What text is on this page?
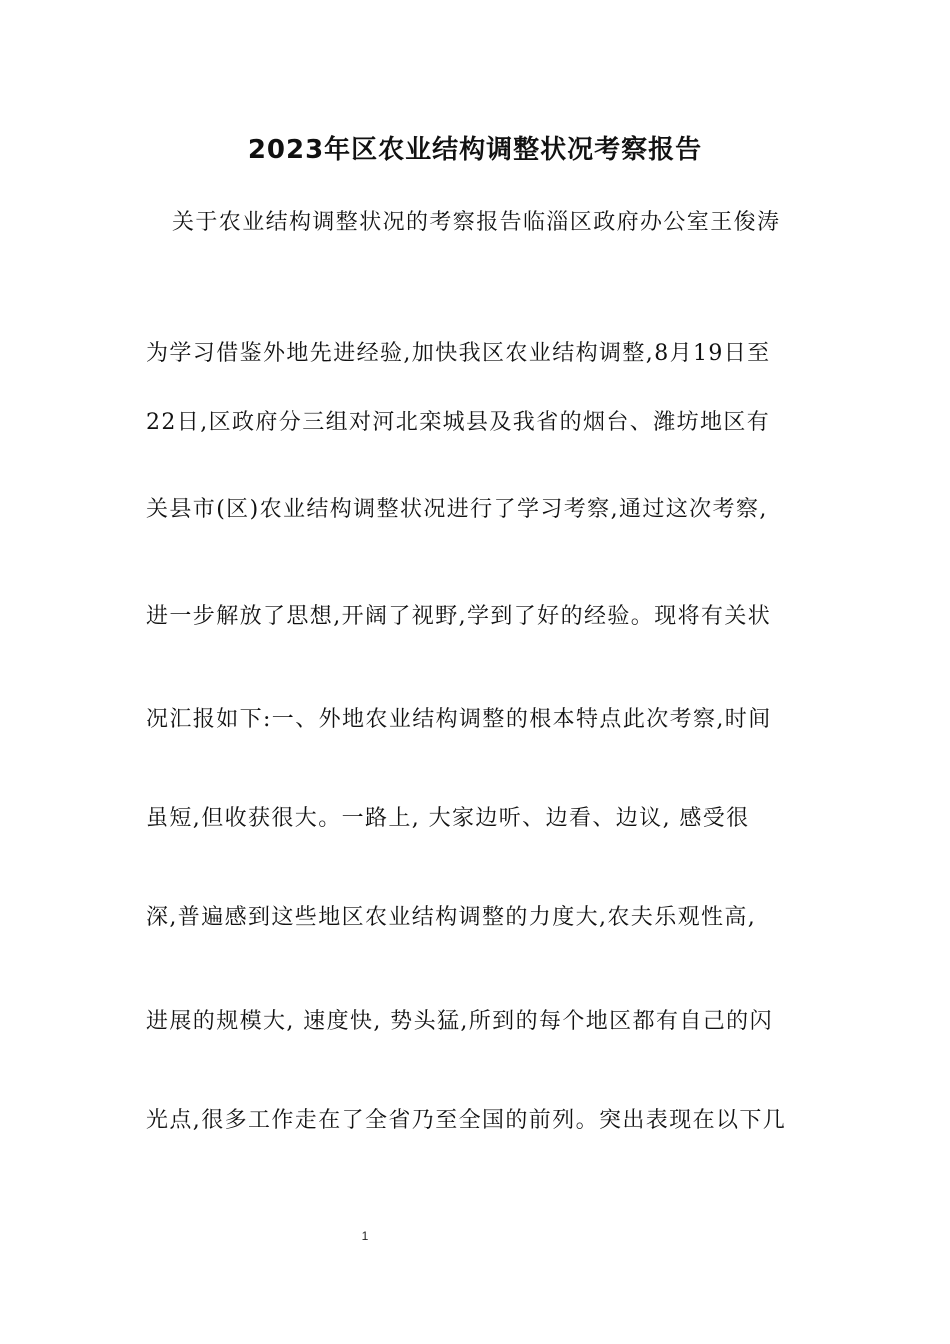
2023年区农业结构调整状况考察报告
关于农业结构调整状况的考察报告临淄区政府办公室王俊涛
为学习借鉴外地先进经验,加快我区农业结构调整,8月19日至
22日,区政府分三组对河北栾城县及我省的烟台、潍坊地区有
关县市(区)农业结构调整状况进行了学习考察,通过这次考察,
进一步解放了思想,开阔了视野,学到了好的经验。现将有关状
况汇报如下:一、外地农业结构调整的根本特点此次考察,时间
虽短,但收获很大。一路上, 大家边听、边看、边议, 感受很
深,普遍感到这些地区农业结构调整的力度大,农夫乐观性高,
进展的规模大, 速度快, 势头猛,所到的每个地区都有自己的闪
光点,很多工作走在了全省乃至全国的前列。突出表现在以下几
1
